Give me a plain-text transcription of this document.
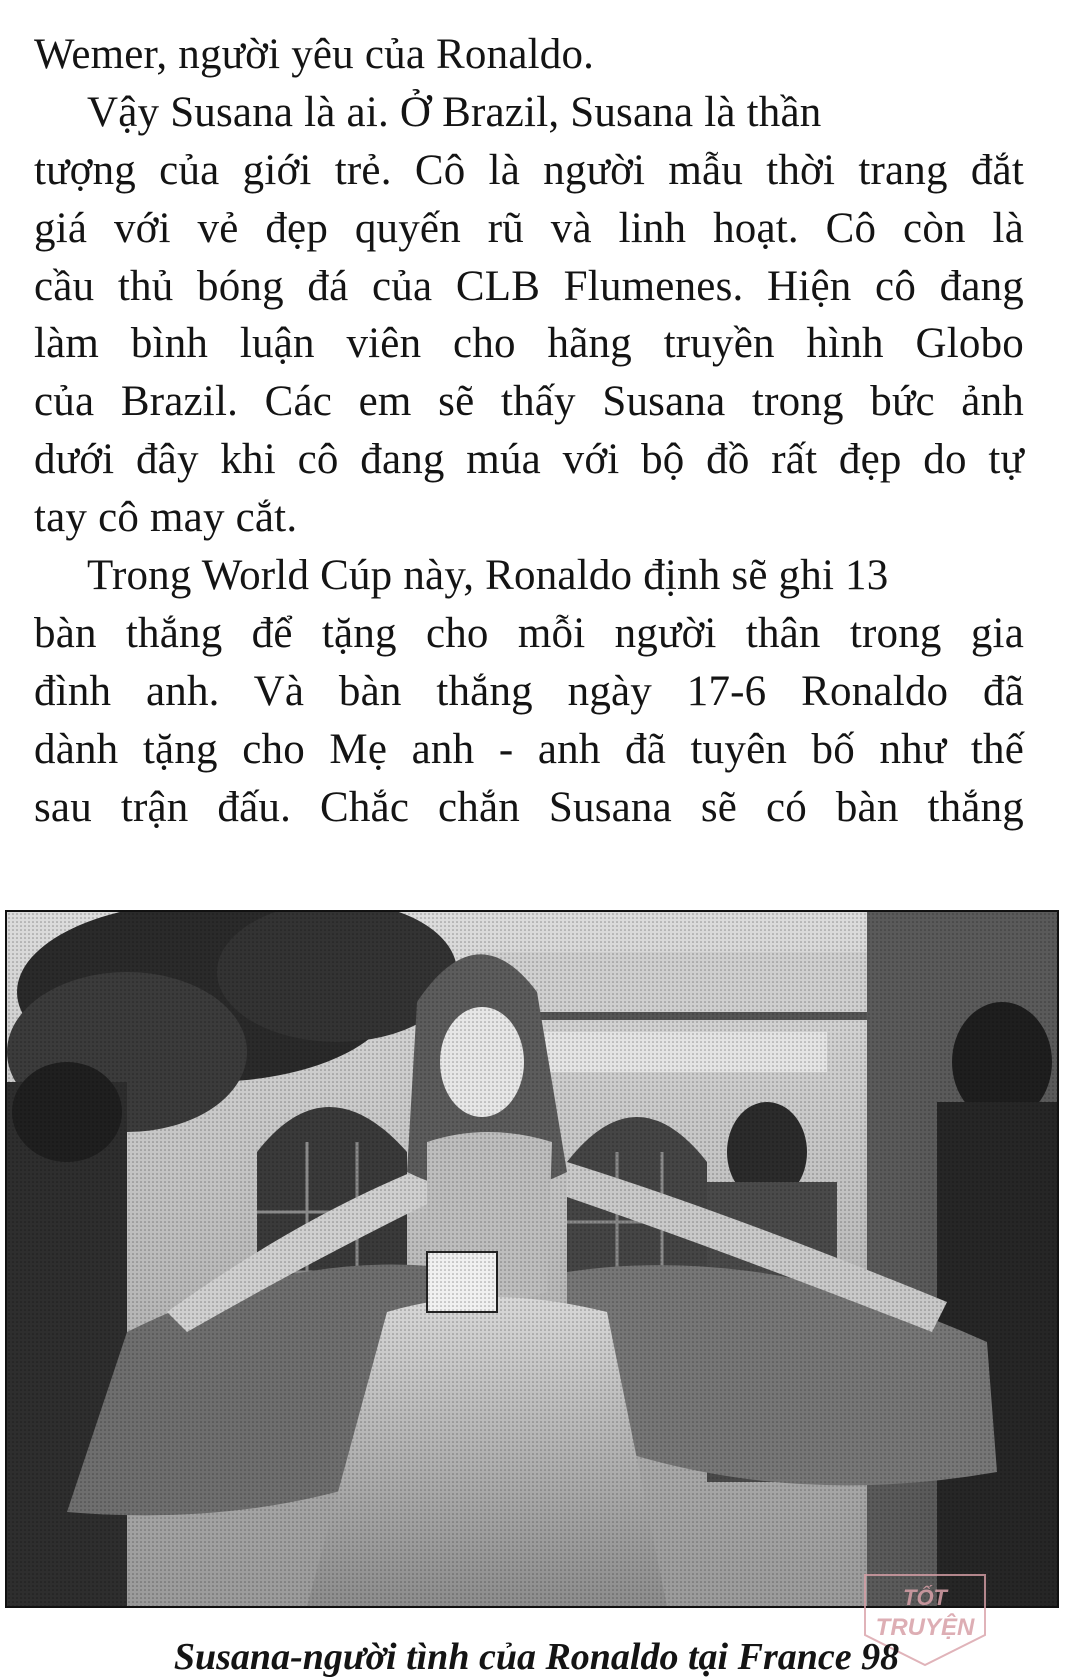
Wemer, người yêu của Ronaldo.
Vậy Susana là ai. Ở Brazil, Susana là thần
tượng của giới trẻ. Cô là người mẫu thời trang đắt
giá với vẻ đẹp quyến rũ và linh hoạt. Cô còn là
cầu thủ bóng đá của CLB Flumenes. Hiện cô đang
làm bình luận viên cho hãng truyền hình Globo
của Brazil. Các em sẽ thấy Susana trong bức ảnh
dưới đây khi cô đang múa với bộ đồ rất đẹp do tự
tay cô may cắt.
Trong World Cúp này, Ronaldo định sẽ ghi 13
bàn thắng để tặng cho mỗi người thân trong gia
đình anh. Và bàn thắng ngày 17-6 Ronaldo đã
dành tặng cho Mẹ anh - anh đã tuyên bố như thế
sau trận đấu. Chắc chắn Susana sẽ có bàn thắng
TỐT
TRUYỆN
Susana-người tình của Ronaldo tại France 98
